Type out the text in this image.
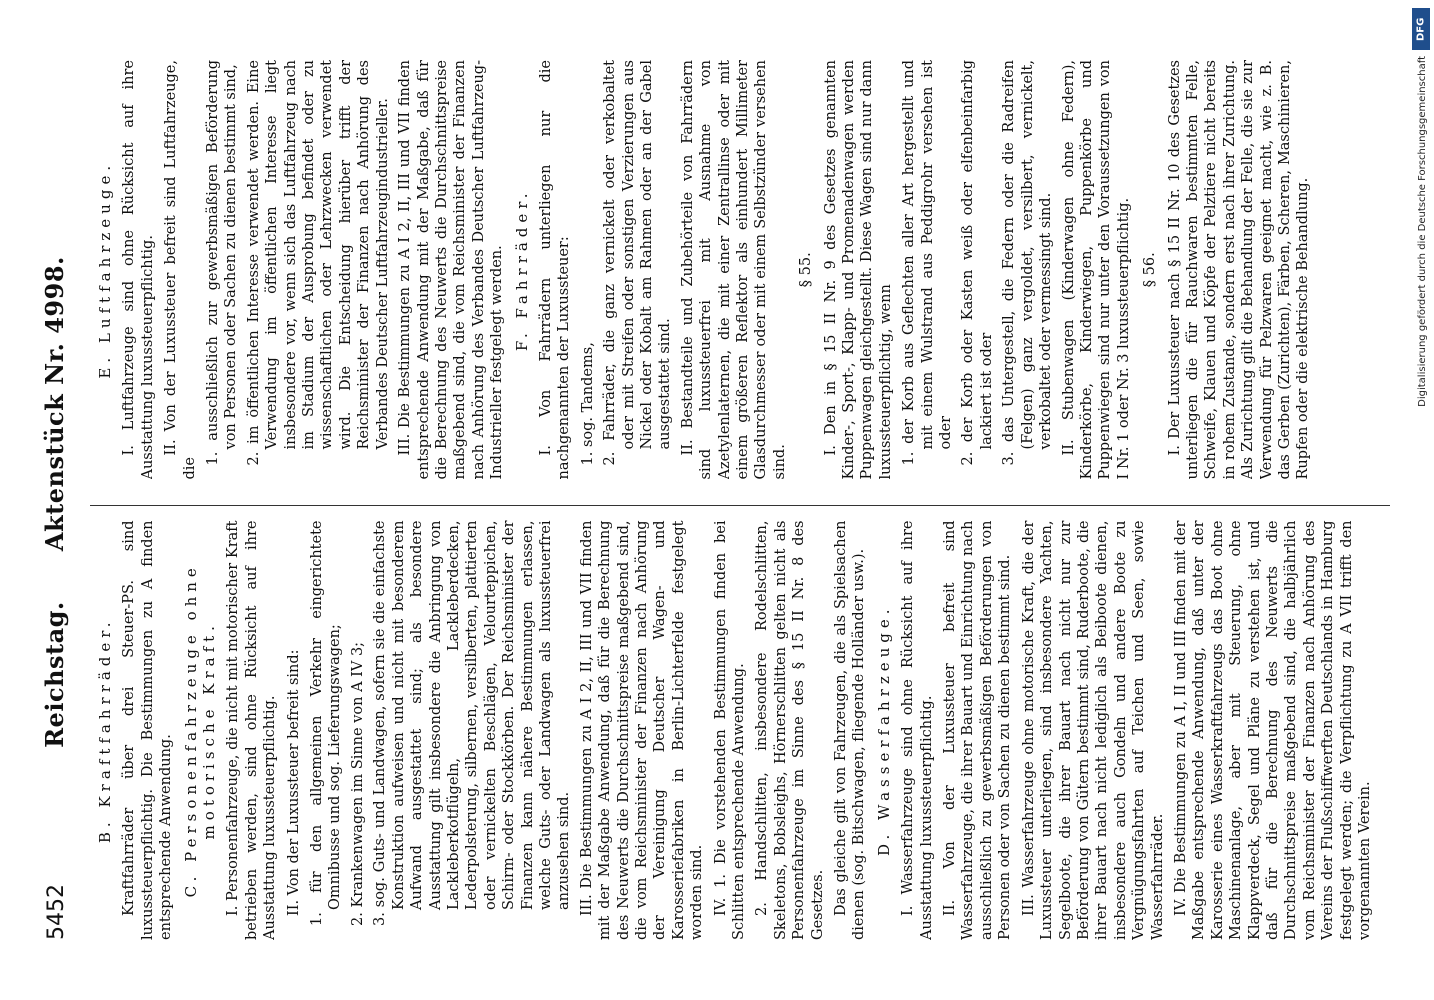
5452
Reichstag.      Aktenstück Nr. 4998.
B. Kraftfahrräder. Kraftfahrräder über drei Steuer-PS. sind luxussteuerpflichtig. Die Bestimmungen zu A finden entsprechende Anwendung. C. Personenfahrzeuge ohne motorische Kraft. I. Personenfahrzeuge, die nicht mit motorischer Kraft betrieben werden, sind ohne Rücksicht auf ihre Ausstattung luxussteuerpflichtig. II. Von der Luxussteuer befreit sind: 1. für den allgemeinen Verkehr eingerichtete Omnibusse und sog. Lieferungswagen; 2. Krankenwagen im Sinne von A IV 3; 3. sog. Guts- und Landwagen, sofern sie die einfachste Konstruktion aufweisen und nicht mit besonderem Aufwand ausgestattet sind; als besondere Ausstattung gilt insbesondere die Anbringung von Lackleberkotflügeln, Lackleberdecken, Lederpolsterung, silbernen, versilberten, plattierten oder vernickelten Beschlägen, Velourteppichen, Schirm- oder Stockkörben. Der Reichsminister der Finanzen kann nähere Bestimmungen erlassen, welche Guts- oder Landwagen als luxussteuerfrei anzusehen sind. III. Die Bestimmungen zu A I 2, II, III und VII finden mit der Maßgabe Anwendung, daß für die Berechnung des Neuwerts die Durchschnittspreise maßgebend sind, die vom Reichsminister der Finanzen nach Anhörung der Vereinigung Deutscher Wagen- und Karosseriefabriken in Berlin-Lichterfelde festgelegt worden sind. IV. 1. Die vorstehenden Bestimmungen finden bei Schlitten entsprechende Anwendung. 2. Handschlitten, insbesondere Rodelschlitten, Skeletons, Bobsleighs, Hörnerschlitten gelten nicht als Personenfahrzeuge im Sinne des § 15 II Nr. 8 des Gesetzes. Das gleiche gilt von Fahrzeugen, die als Spielsachen dienen (sog. Bitschwagen, fliegende Holländer usw.). D. Wasserfahrzeuge. I. Wasserfahrzeuge sind ohne Rücksicht auf ihre Ausstattung luxussteuerpflichtig. II. Von der Luxussteuer befreit sind Wasserfahrzeuge, die ihrer Bauart und Einrichtung nach ausschließlich zu gewerbsmäßigen Beförderungen von Personen oder von Sachen zu dienen bestimmt sind. III. Wasserfahrzeuge ohne motorische Kraft, die der Luxussteuer unterliegen, sind insbesondere Yachten, Segelboote, die ihrer Bauart nach nicht nur zur Beförderung von Gütern bestimmt sind, Ruderboote, die ihrer Bauart nach nicht lediglich als Beiboote dienen, insbesondere auch Gondeln und andere Boote zu Vergnügungsfahrten auf Teichen und Seen, sowie Wasserfahrräder. IV. Die Bestimmungen zu A I, II und III finden mit der Maßgabe entsprechende Anwendung, daß unter der Karosserie eines Wasserkraftfahrzeugs das Boot ohne Maschinenanlage, aber mit Steuerung, ohne Klappverdeck, Segel und Pläne zu verstehen ist, und daß für die Berechnung des Neuwerts die Durchschnittspreise maßgebend sind, die halbjährlich vom Reichsminister der Finanzen nach Anhörung des Vereins der Flußschiffwerften Deutschlands in Hamburg festgelegt werden; die Verpflichtung zu A VII trifft den vorgenannten Verein.

E. Luftfahrzeuge. I. Luftfahrzeuge sind ohne Rücksicht auf ihre Ausstattung luxussteuerpflichtig. II. Von der Luxussteuer befreit sind Luftfahrzeuge, die

1. ausschließlich zur gewerbsmäßigen Beförderung von Personen oder Sachen zu dienen bestimmt sind, 2. im öffentlichen Interesse verwendet werden. Eine Verwendung im öffentlichen Interesse liegt insbesondere vor, wenn sich das Luftfahrzeug nach im Stadium der Ausprobung befindet oder zu wissenschaftlichen oder Lehrzwecken verwendet wird. Die Entscheidung hierüber trifft der Reichsminister der Finanzen nach Anhörung des Verbandes Deutscher Luftfahrzeugindustrieller. III. Die Bestimmungen zu A I 2, II, III und VII finden entsprechende Anwendung mit der Maßgabe, daß für die Berechnung des Neuwerts die Durchschnittspreise maßgebend sind, die vom Reichsminister der Finanzen nach Anhörung des Verbandes Deutscher Luftfahrzeug-Industrieller festgelegt werden. F. Fahrräder. I. Von Fahrrädern unterliegen nur die nachgenannten der Luxussteuer: 1. sog. Tandems, 2. Fahrräder, die ganz vernickelt oder verkobaltet oder mit Streifen oder sonstigen Verzierungen aus Nickel oder Kobalt am Rahmen oder an der Gabel ausgestattet sind. II. Bestandteile und Zubehörteile von Fahrrädern sind luxussteuerfrei mit Ausnahme von Azetylenlaternen, die mit einer Zentrallinse oder mit einem größeren Reflektor als einhundert Millimeter Glasdurchmesser oder mit einem Selbstzünder versehen sind.

§ 55. I. Den in § 15 II Nr. 9 des Gesetzes genannten Kinder-, Sport-, Klapp- und Promenadenwagen werden Puppenwagen gleichgestellt. Diese Wagen sind nur dann luxussteuerpflichtig, wenn 1. der Korb aus Geflechten aller Art hergestellt und mit einem Wulstrand aus Peddigrohr versehen ist oder 2. der Korb oder Kasten weiß oder elfenbeinfarbig lackiert ist oder 3. das Untergestell, die Federn oder die Radreifen (Felgen) ganz vergoldet, versilbert, vernickelt, verkobaltet oder vermessingt sind. II. Stubenwagen (Kinderwagen ohne Federn), Kinderkörbe, Kinderwiegen, Puppenkörbe und Puppenwiegen sind nur unter den Voraussetzungen von I Nr. 1 oder Nr. 3 luxussteuerpflichtig. § 56. I. Der Luxussteuer nach § 15 II Nr. 10 des Gesetzes unterliegen die für Rauchwaren bestimmten Felle, Schweife, Klauen und Köpfe der Pelztiere nicht bereits in rohem Zustande, sondern erst nach ihrer Zurichtung. Als Zurichtung gilt die Behandlung der Felle, die sie zur Verwendung für Pelzwaren geeignet macht, wie z. B. das Gerben (Zurichten), Färben, Scheren, Maschinieren, Rupfen oder die elektrische Behandlung.

DFG
Digitalisierung gefördert durch die Deutsche Forschungsgemeinschaft
